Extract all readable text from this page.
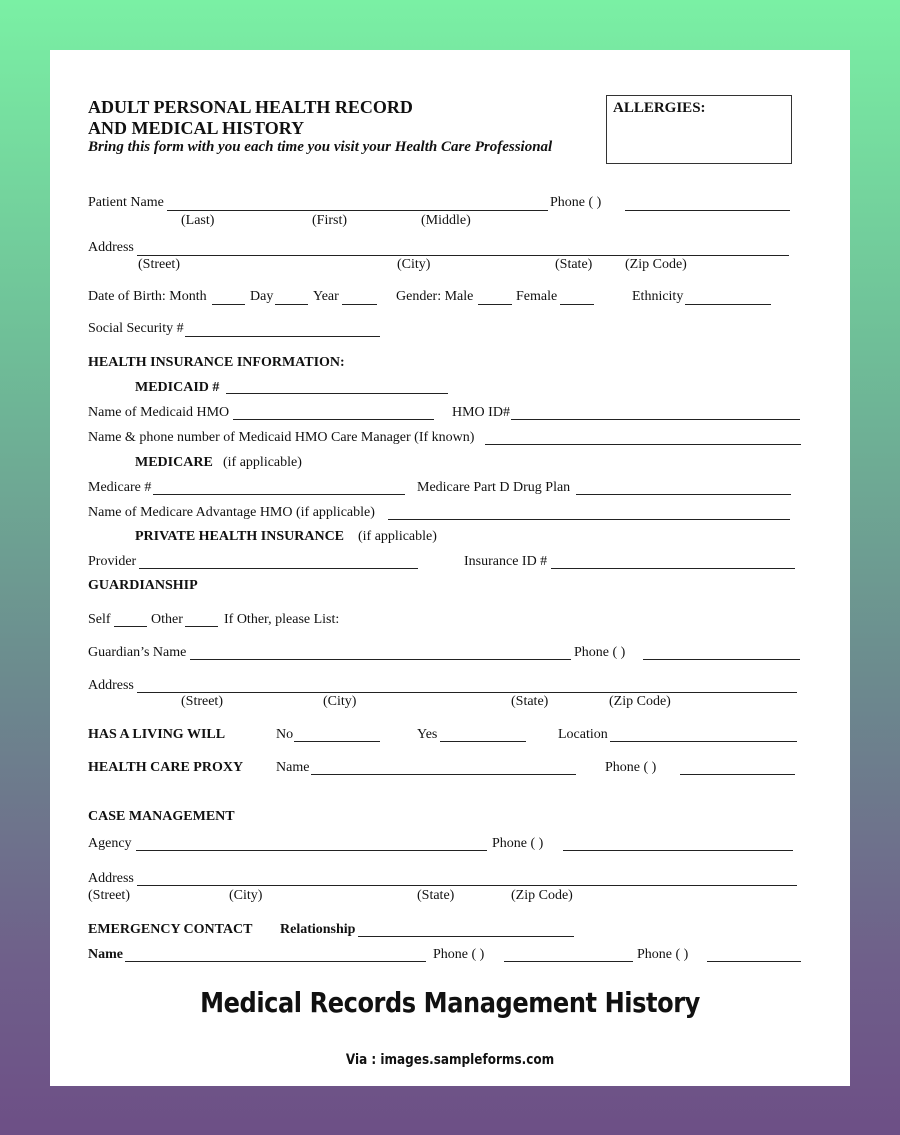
ADULT PERSONAL HEALTH RECORD
AND MEDICAL HISTORY
Bring this form with you each time you visit your Health Care Professional
ALLERGIES:
Patient Name	Phone ( )
(Last)	(First)	(Middle)
Address
(Street)	(City)	(State) (Zip Code)
Date of Birth: Month	Day	Year	Gender: Male	Female	Ethnicity
Social Security #
HEALTH INSURANCE INFORMATION:
MEDICAID #
Name of Medicaid HMO	HMO ID#
Name & phone number of Medicaid HMO Care Manager (If known)
MEDICARE (if applicable)
Medicare #	Medicare Part D Drug Plan
Name of Medicare Advantage HMO (if applicable)
PRIVATE HEALTH INSURANCE (if applicable)
Provider	Insurance ID #
GUARDIANSHIP
Self	Other	If Other, please List:
Guardian’s Name	Phone ( )
Address
(Street)	(City)	(State)	(Zip Code)
HAS A LIVING WILL	No	Yes	Location
HEALTH CARE PROXY Name	Phone ( )
CASE MANAGEMENT
Agency	Phone ( )
Address
(Street)	(City)	(State)	(Zip Code)
EMERGENCY CONTACT Relationship
Name	Phone ( )	Phone ( )
Medical Records Management History
Via : images.sampleforms.com
